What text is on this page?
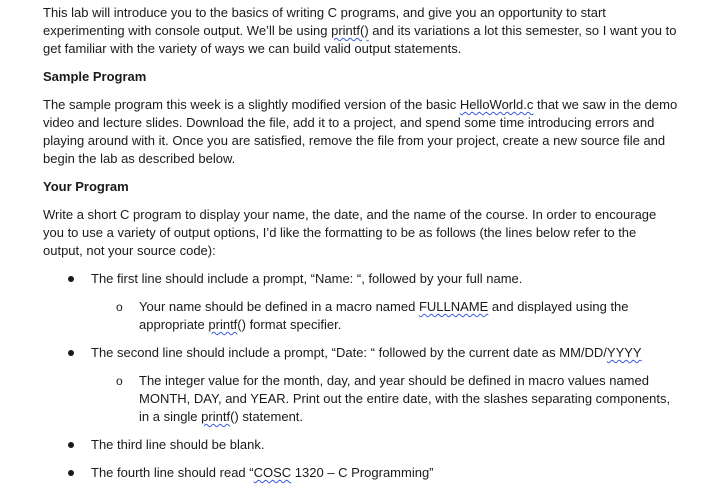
This lab will introduce you to the basics of writing C programs, and give you an opportunity to start experimenting with console output. We’ll be using printf() and its variations a lot this semester, so I want you to get familiar with the variety of ways we can build valid output statements.

Sample Program

The sample program this week is a slightly modified version of the basic HelloWorld.c that we saw in the demo video and lecture slides. Download the file, add it to a project, and spend some time introducing errors and playing around with it. Once you are satisfied, remove the file from your project, create a new source file and begin the lab as described below.

Your Program

Write a short C program to display your name, the date, and the name of the course. In order to encourage you to use a variety of output options, I’d like the formatting to be as follows (the lines below refer to the output, not your source code):

The first line should include a prompt, “Name: “, followed by your full name.
o Your name should be defined in a macro named FULLNAME and displayed using the appropriate printf() format specifier.
The second line should include a prompt, “Date: “ followed by the current date as MM/DD/YYYY
o The integer value for the month, day, and year should be defined in macro values named MONTH, DAY, and YEAR. Print out the entire date, with the slashes separating components, in a single printf() statement.
The third line should be blank.
The fourth line should read “COSC 1320 – C Programming”
